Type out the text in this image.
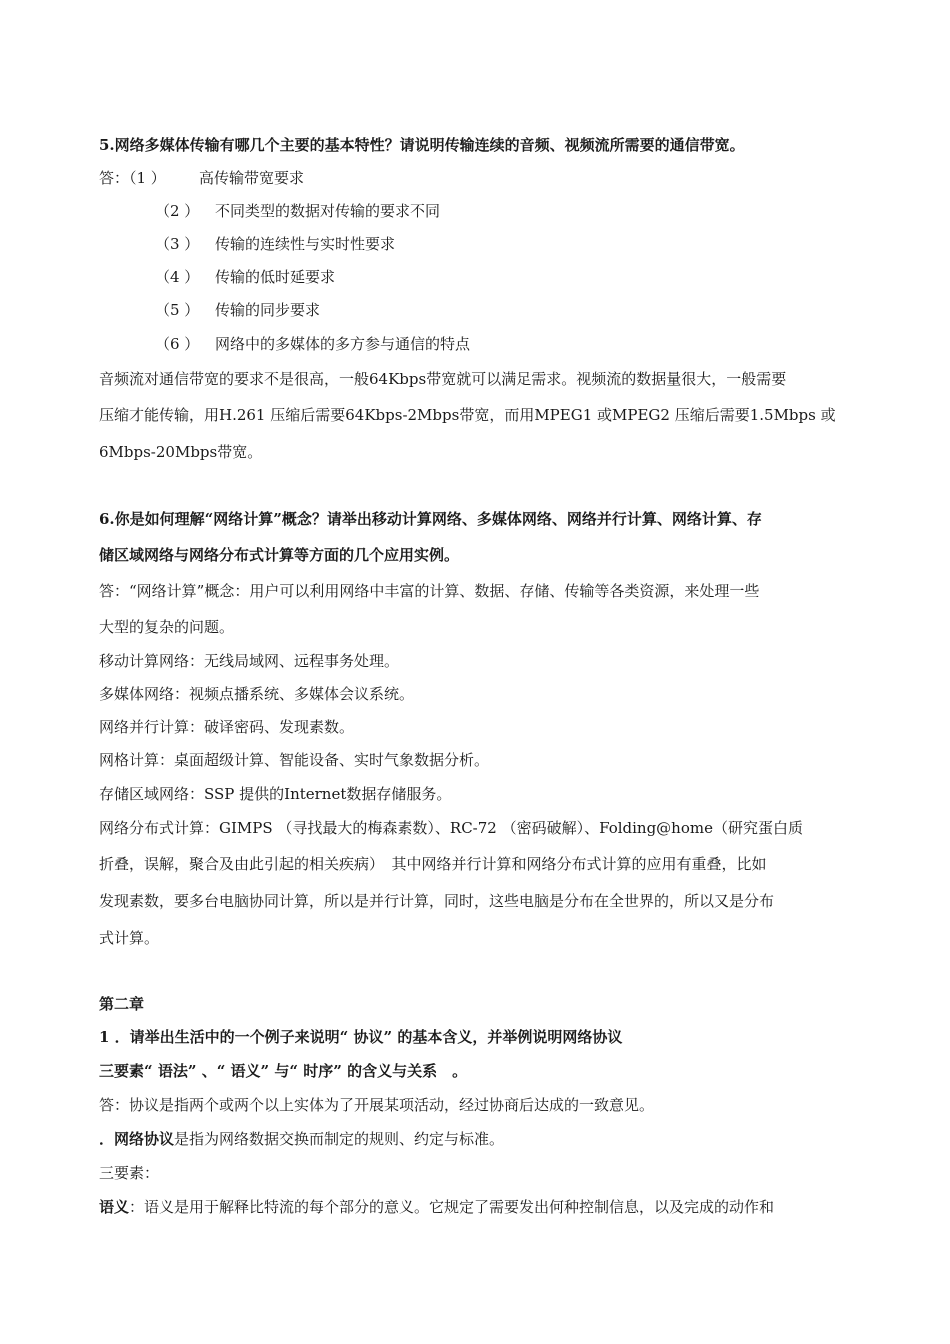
5.网络多媒体传输有哪几个主要的基本特性？请说明传输连续的音频、视频流所需要的通信带宽。
答：（1 ） 高传输带宽要求
（2 ） 不同类型的数据对传输的要求不同
（3 ） 传输的连续性与实时性要求
（4 ） 传输的低时延要求
（5 ） 传输的同步要求
（6 ） 网络中的多媒体的多方参与通信的特点
音频流对通信带宽的要求不是很高，一般64Kbps带宽就可以满足需求。视频流的数据量很大，一般需要
压缩才能传输，用H.261 压缩后需要64Kbps-2Mbps带宽，而用MPEG1 或MPEG2 压缩后需要1.5Mbps 或
6Mbps-20Mbps带宽。
6.你是如何理解“网络计算”概念？请举出移动计算网络、多媒体网络、网络并行计算、网络计算、存
储区域网络与网络分布式计算等方面的几个应用实例。
答：“网络计算”概念：用户可以利用网络中丰富的计算、数据、存储、传输等各类资源，来处理一些
大型的复杂的问题。
移动计算网络：无线局域网、远程事务处理。
多媒体网络：视频点播系统、多媒体会议系统。
网络并行计算：破译密码、发现素数。
网格计算：桌面超级计算、智能设备、实时气象数据分析。
存储区域网络：SSP 提供的Internet数据存储服务。
网络分布式计算：GIMPS （寻找最大的梅森素数）、RC-72 （密码破解）、Folding@home（研究蛋白质
折叠，误解，聚合及由此引起的相关疾病）　其中网络并行计算和网络分布式计算的应用有重叠，比如
发现素数，要多台电脑协同计算，所以是并行计算，同时，这些电脑是分布在全世界的，所以又是分布
式计算。
第二章
1 ．请举出生活中的一个例子来说明“ 协议” 的基本含义，并举例说明网络协议
三要素“ 语法” 、“ 语义” 与“ 时序” 的含义与关系　。
答：协议是指两个或两个以上实体为了开展某项活动，经过协商后达成的一致意见。
．网络协议是指为网络数据交换而制定的规则、约定与标准。
三要素：
语义：语义是用于解释比特流的每个部分的意义。它规定了需要发出何种控制信息，以及完成的动作和
